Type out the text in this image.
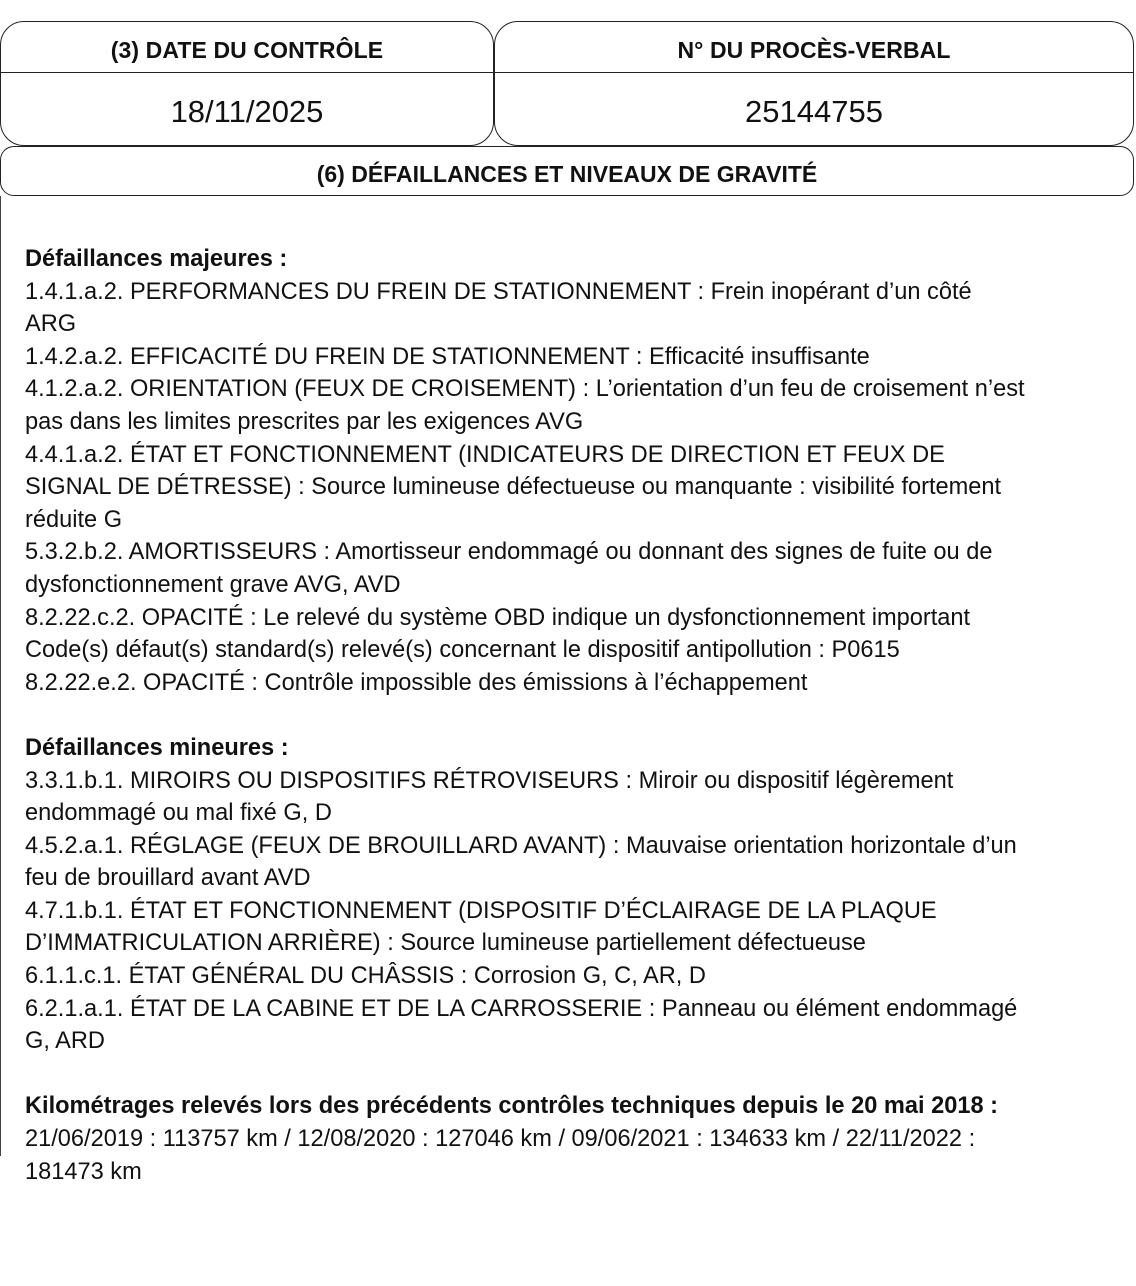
(3) DATE DU CONTRÔLE
18/11/2025
N° DU PROCÈS-VERBAL
25144755
(6) DÉFAILLANCES ET NIVEAUX DE GRAVITÉ

Défaillances majeures :

1.4.1.a.2. PERFORMANCES DU FREIN DE STATIONNEMENT : Frein inopérant d’un côté ARG

1.4.2.a.2. EFFICACITÉ DU FREIN DE STATIONNEMENT : Efficacité insuffisante

4.1.2.a.2. ORIENTATION (FEUX DE CROISEMENT) : L’orientation d’un feu de croisement n’est pas dans les limites prescrites par les exigences AVG

4.4.1.a.2. ÉTAT ET FONCTIONNEMENT (INDICATEURS DE DIRECTION ET FEUX DE SIGNAL DE DÉTRESSE) : Source lumineuse défectueuse ou manquante : visibilité fortement réduite G

5.3.2.b.2. AMORTISSEURS : Amortisseur endommagé ou donnant des signes de fuite ou de dysfonctionnement grave AVG, AVD

8.2.22.c.2. OPACITÉ : Le relevé du système OBD indique un dysfonctionnement important

Code(s) défaut(s) standard(s) relevé(s) concernant le dispositif antipollution : P0615

8.2.22.e.2. OPACITÉ : Contrôle impossible des émissions à l’échappement

Défaillances mineures :

3.3.1.b.1. MIROIRS OU DISPOSITIFS RÉTROVISEURS : Miroir ou dispositif légèrement endommagé ou mal fixé G, D

4.5.2.a.1. RÉGLAGE (FEUX DE BROUILLARD AVANT) : Mauvaise orientation horizontale d’un feu de brouillard avant AVD

4.7.1.b.1. ÉTAT ET FONCTIONNEMENT (DISPOSITIF D’ÉCLAIRAGE DE LA PLAQUE D’IMMATRICULATION ARRIÈRE) : Source lumineuse partiellement défectueuse

6.1.1.c.1. ÉTAT GÉNÉRAL DU CHÂSSIS : Corrosion G, C, AR, D

6.2.1.a.1. ÉTAT DE LA CABINE ET DE LA CARROSSERIE : Panneau ou élément endommagé G, ARD

Kilométrages relevés lors des précédents contrôles techniques depuis le 20 mai 2018 : 21/06/2019 : 113757 km / 12/08/2020 : 127046 km / 09/06/2021 : 134633 km / 22/11/2022 : 181473 km
